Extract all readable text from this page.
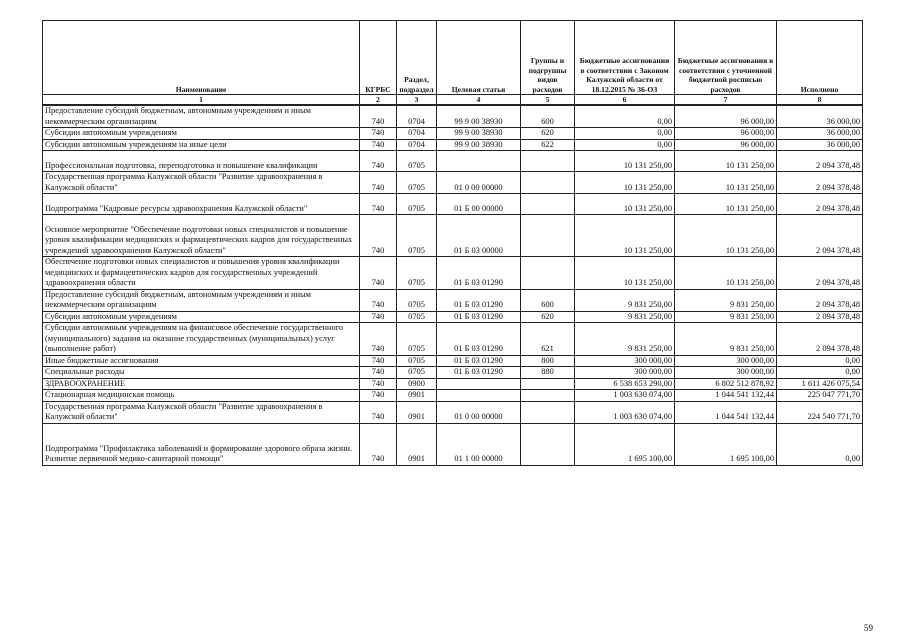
Наименование	КГРБС	Раздел, подраздел	Целевая статья	Группы и подгруппы видов расходов	Бюджетные ассигнования в соответствии с Законом Калужской области от 18.12.2015 № 36-ОЗ	Бюджетные ассигнования в соответствии с уточненной бюджетной росписью расходов	Исполнено
1	2	3	4	5	6	7	8
Предоставление субсидий бюджетным, автономным учреждениям и иным некоммерческим организациям	740	0704	99 9 00 38930	600	0,00	96 000,00	36 000,00
Субсидии автономным учреждениям	740	0704	99 9 00 38930	620	0,00	96 000,00	36 000,00
Субсидии автономным учреждениям на иные цели	740	0704	99 9 00 38930	622	0,00	96 000,00	36 000,00
Профессиональная подготовка, переподготовка и повышение квалификации	740	0705			10 131 250,00	10 131 250,00	2 094 378,48
Государственная программа Калужской области "Развитие здравоохранения в Калужской области"	740	0705	01 0 00 00000		10 131 250,00	10 131 250,00	2 094 378,48
Подпрограмма "Кадровые ресурсы здравоохранения Калужской области"	740	0705	01 Б 00 00000		10 131 250,00	10 131 250,00	2 094 378,48
Основное мероприятие "Обеспечение подготовки новых специалистов и повышение уровня квалификации медицинских и фармацевтических кадров для государственных учреждений здравоохранения Калужской области"	740	0705	01 Б 03 00000		10 131 250,00	10 131 250,00	2 094 378,48
Обеспечение подготовки новых специалистов и повышения уровня квалификации медицинских и фармацевтических кадров для государственных учреждений здравоохранения области	740	0705	01 Б 03 01290		10 131 250,00	10 131 250,00	2 094 378,48
Предоставление субсидий бюджетным, автономным учреждениям и иным некоммерческим организациям	740	0705	01 Б 03 01290	600	9 831 250,00	9 831 250,00	2 094 378,48
Субсидии автономным учреждениям	740	0705	01 Б 03 01290	620	9 831 250,00	9 831 250,00	2 094 378,48
Субсидии автономным учреждениям на финансовое обеспечение государственного (муниципального) задания на оказание государственных (муниципальных) услуг (выполнение работ)	740	0705	01 Б 03 01290	621	9 831 250,00	9 831 250,00	2 094 378,48
Иные бюджетные ассигнования	740	0705	01 Б 03 01290	800	300 000,00	300 000,00	0,00
Специальные расходы	740	0705	01 Б 03 01290	880	300 000,00	300 000,00	0,00
ЗДРАВООХРАНЕНИЕ	740	0900			6 538 653 290,00	6 802 512 878,92	1 611 426 075,54
Стационарная медицинская помощь	740	0901			1 003 630 074,00	1 044 541 132,44	225 047 771,70
Государственная программа Калужской области "Развитие здравоохранения в Калужской области"	740	0901	01 0 00 00000		1 003 630 074,00	1 044 541 132,44	224 540 771,70
Подпрограмма "Профилактика заболеваний и формирование здорового образа жизни. Развитие первичной медико-санитарной помощи"	740	0901	01 1 00 00000		1 695 100,00	1 695 100,00	0,00
59
